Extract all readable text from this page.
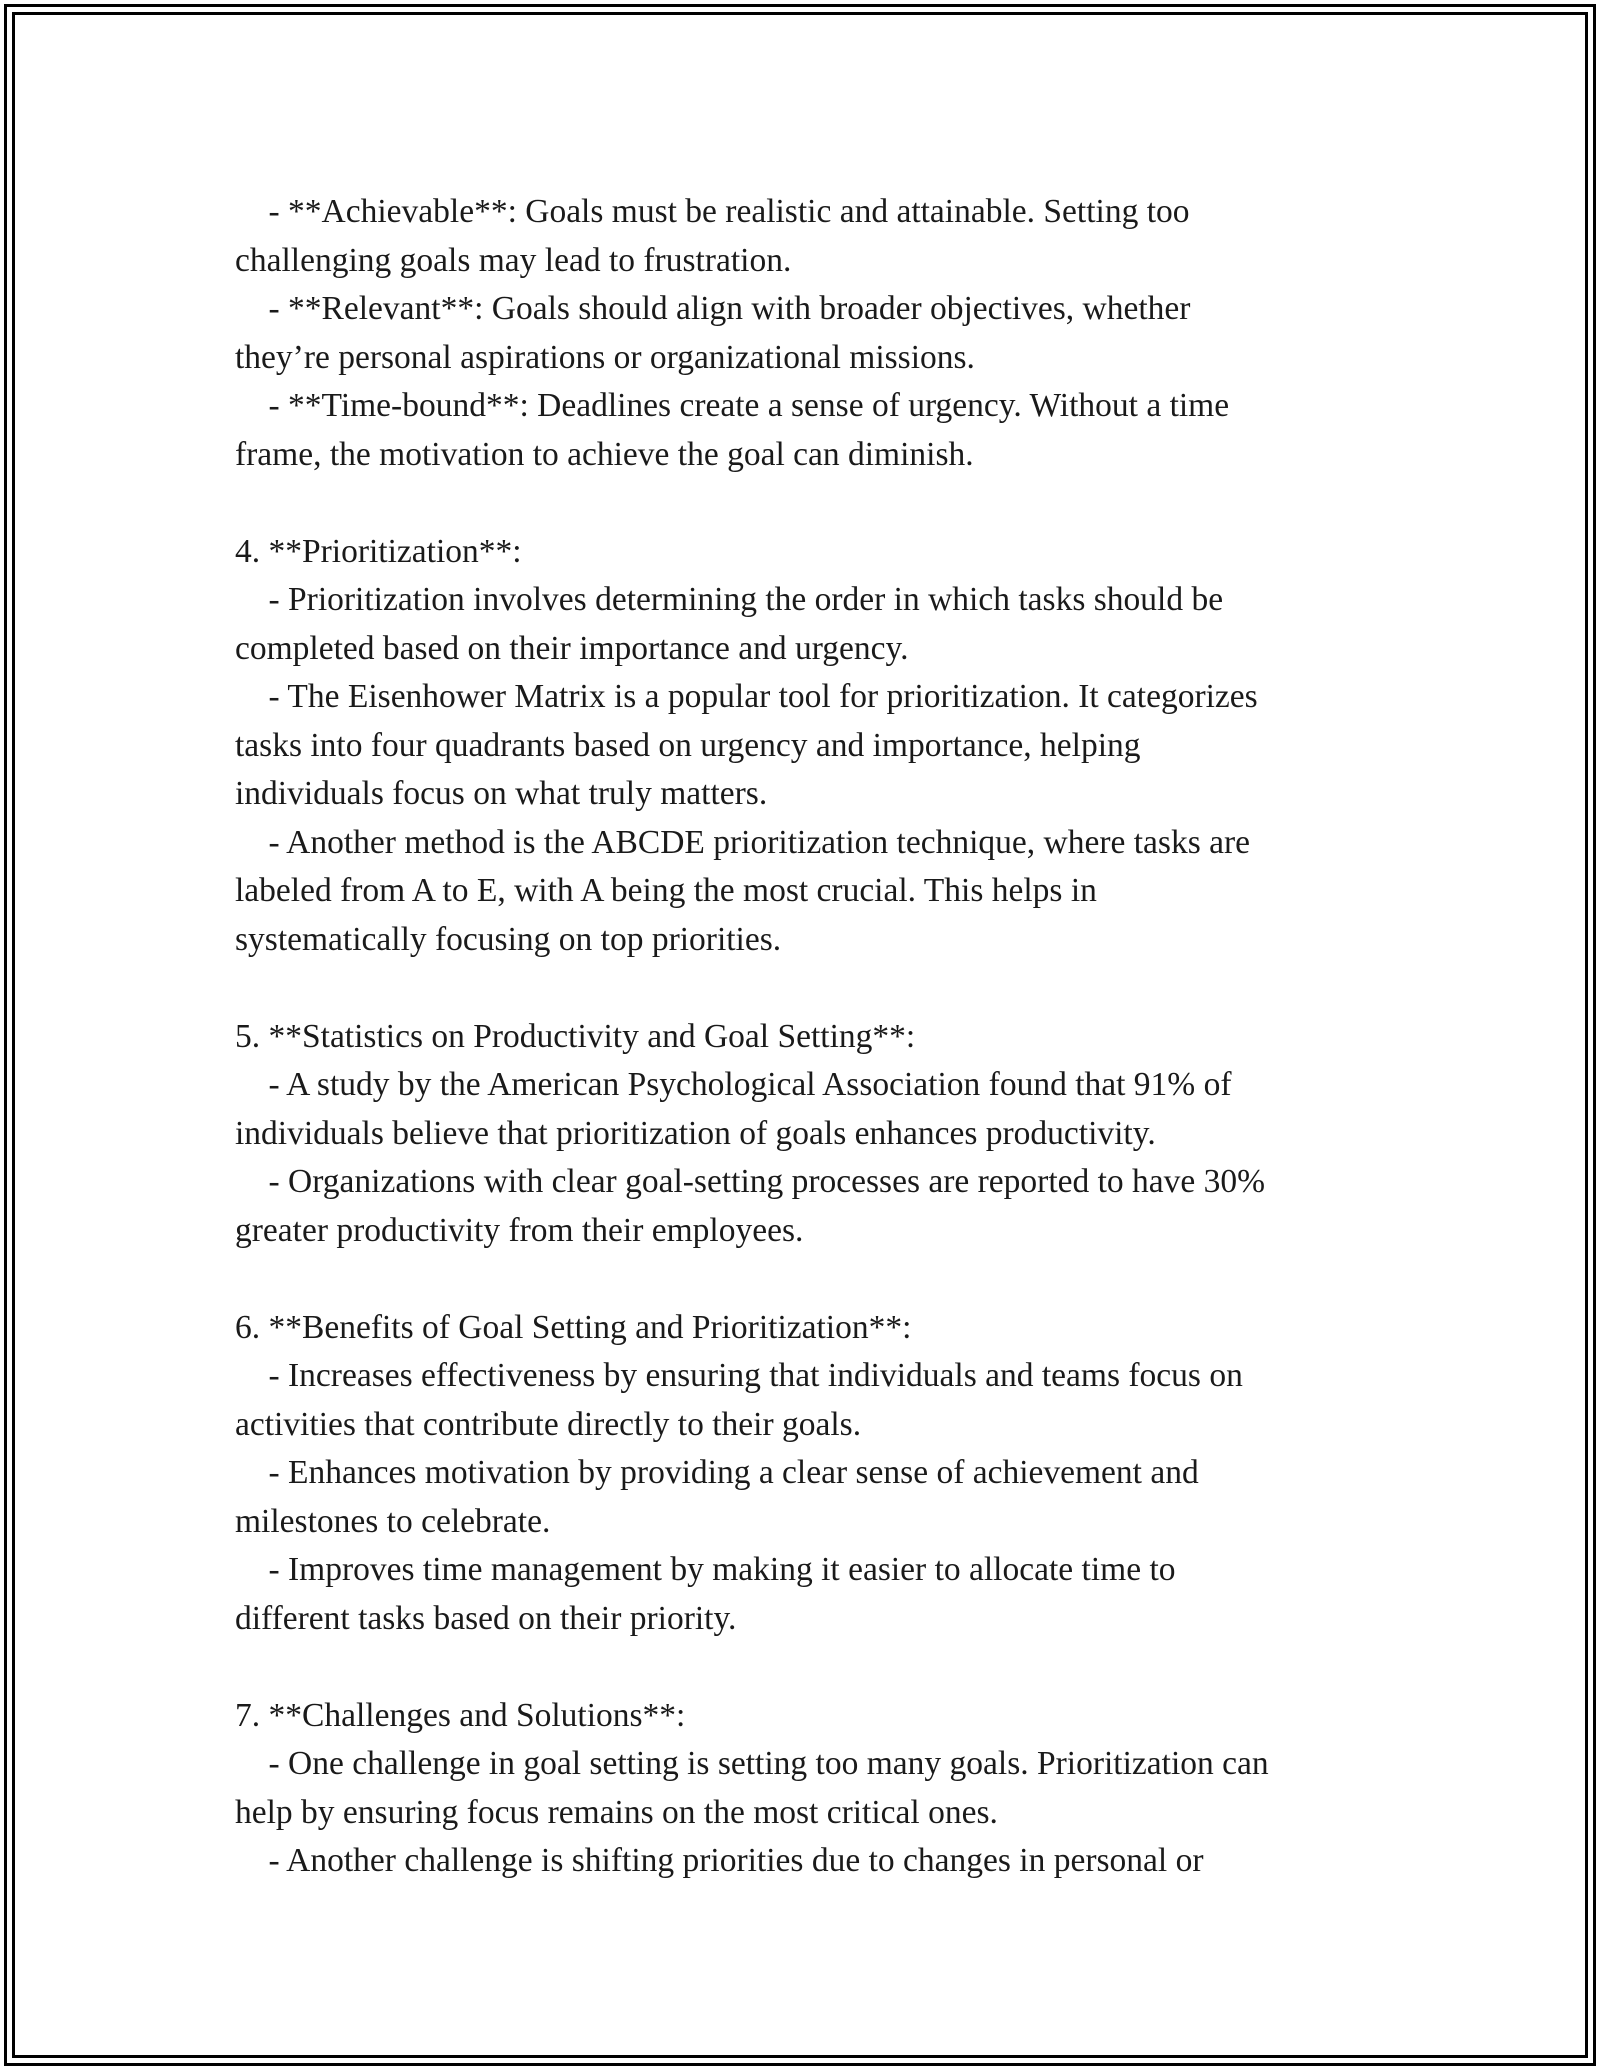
- **Achievable**: Goals must be realistic and attainable. Setting too
challenging goals may lead to frustration.
- **Relevant**: Goals should align with broader objectives, whether
they’re personal aspirations or organizational missions.
- **Time-bound**: Deadlines create a sense of urgency. Without a time
frame, the motivation to achieve the goal can diminish.
4. **Prioritization**:
- Prioritization involves determining the order in which tasks should be
completed based on their importance and urgency.
- The Eisenhower Matrix is a popular tool for prioritization. It categorizes
tasks into four quadrants based on urgency and importance, helping
individuals focus on what truly matters.
- Another method is the ABCDE prioritization technique, where tasks are
labeled from A to E, with A being the most crucial. This helps in
systematically focusing on top priorities.
5. **Statistics on Productivity and Goal Setting**:
- A study by the American Psychological Association found that 91% of
individuals believe that prioritization of goals enhances productivity.
- Organizations with clear goal-setting processes are reported to have 30%
greater productivity from their employees.
6. **Benefits of Goal Setting and Prioritization**:
- Increases effectiveness by ensuring that individuals and teams focus on
activities that contribute directly to their goals.
- Enhances motivation by providing a clear sense of achievement and
milestones to celebrate.
- Improves time management by making it easier to allocate time to
different tasks based on their priority.
7. **Challenges and Solutions**:
- One challenge in goal setting is setting too many goals. Prioritization can
help by ensuring focus remains on the most critical ones.
- Another challenge is shifting priorities due to changes in personal or
